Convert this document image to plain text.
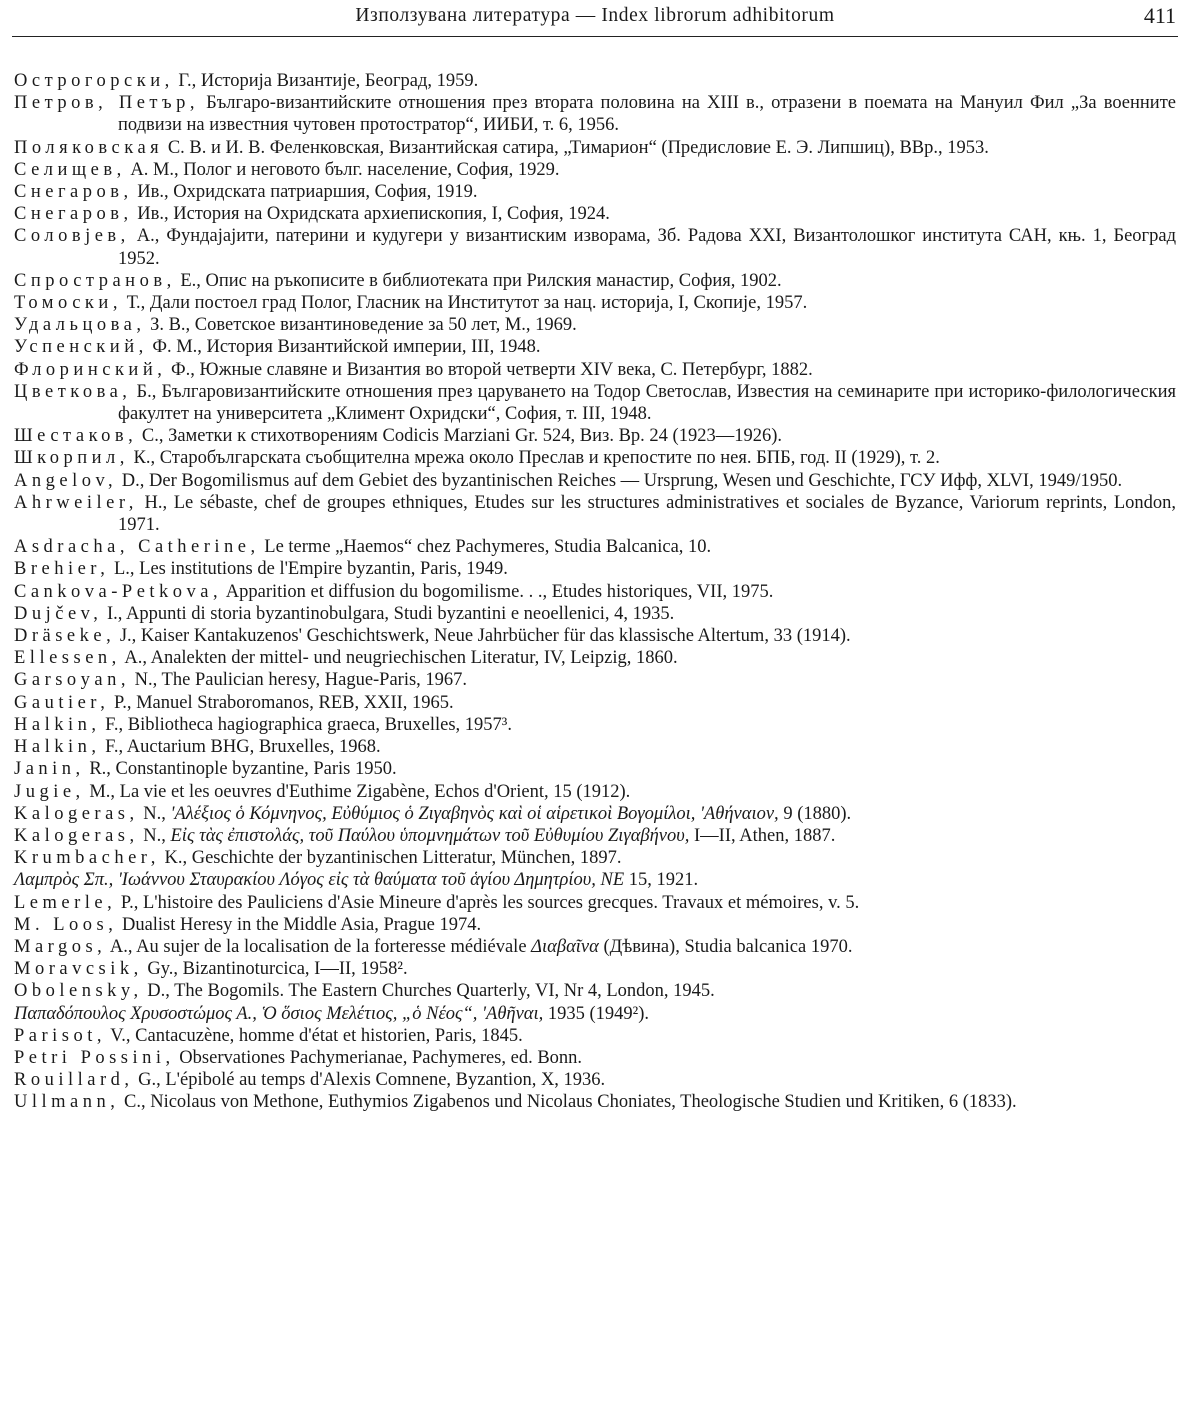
Използувана литература — Index librorum adhibitorum	411
Острогорски, Г., Историја Византије, Београд, 1959.
Петров, Петър, Българо-византийските отношения през втората половина на XIII в., отразени в поемата на Мануил Фил „За военните подвизи на известния чутовен протостратор“, ИИБИ, т. 6, 1956.
Поляковская С. В. и И. В. Феленковская, Византийская сатира, „Тимарион“ (Предисловие Е. Э. Липшиц), ВВр., 1953.
Селищев, А. М., Полог и неговото бълг. население, София, 1929.
Снегаров, Ив., Охридската патриаршия, София, 1919.
Снегаров, Ив., История на Охридската архиепископия, I, София, 1924.
Соловјев, А., Фундајајити, патерини и кудугери у византиским изворама, Зб. Радова XXI, Византолошког института САН, књ. 1, Београд 1952.
Спространов, Е., Опис на ръкописите в библиотеката при Рилския манастир, София, 1902.
Томоски, Т., Дали постоел град Полог, Гласник на Институтот за нац. историја, I, Скопије, 1957.
Удальцова, З. В., Советское византиноведение за 50 лет, М., 1969.
Успенский, Ф. М., История Византийской империи, III, 1948.
Флоринский, Ф., Южные славяне и Византия во второй четверти XIV века, С. Петербург, 1882.
Цветкова, Б., Българовизантийските отношения през царуването на Тодор Светослав, Известия на семинарите при историко-филологическия факултет на университета „Климент Охридски“, София, т. III, 1948.
Шестаков, С., Заметки к стихотворениям Codicis Marziani Gr. 524, Виз. Вр. 24 (1923—1926).
Шкорпил, К., Старобългарската съобщителна мрежа около Преслав и крепостите по нея. БПБ, год. II (1929), т. 2.
Angelov, D., Der Bogomilismus auf dem Gebiet des byzantinischen Reiches — Ursprung, Wesen und Geschichte, ГСУ Ифф, XLVI, 1949/1950.
Ahrweiler, H., Le sébaste, chef de groupes ethniques, Etudes sur les structures administratives et sociales de Byzance, Variorum reprints, London, 1971.
Asdracha, Catherine, Le terme „Haemos“ chez Pachymeres, Studia Balcanica, 10.
Brehier, L., Les institutions de l'Empire byzantin, Paris, 1949.
Cankova-Petkova, Apparition et diffusion du bogomilisme. . ., Etudes historiques, VII, 1975.
Dujčev, I., Appunti di storia byzantinobulgara, Studi byzantini e neoellenici, 4, 1935.
Dräseke, J., Kaiser Kantakuzenos' Geschichtswerk, Neue Jahrbücher für das klassische Altertum, 33 (1914).
Ellessen, A., Analekten der mittel- und neugriechischen Literatur, IV, Leipzig, 1860.
Garsoyan, N., The Paulician heresy, Hague-Paris, 1967.
Gautier, P., Manuel Straboromanos, REB, XXII, 1965.
Halkin, F., Bibliotheca hagiographica graeca, Bruxelles, 1957³.
Halkin, F., Auctarium BHG, Bruxelles, 1968.
Janin, R., Constantinople byzantine, Paris 1950.
Jugie, M., La vie et les oeuvres d'Euthime Zigabène, Echos d'Orient, 15 (1912).
Kalogeras, N., 'Αλέξιος ὁ Κόμνηνος, Εὐθύμιος ὁ Ζιγαβηνὸς καὶ οἱ αἱρετικοὶ Βογομίλοι, 'Αθήναιον, 9 (1880).
Kalogeras, N., Εἰς τὰς ἐπιστολάς, τοῦ Παύλου ὑπομνημάτων τοῦ Εὐθυμίου Ζιγαβήνου, I—II, Athen, 1887.
Krumbacher, K., Geschichte der byzantinischen Litteratur, München, 1897.
Λαμπρὸς Σπ., 'Ιωάννου Σταυρακίου Λόγος εἰς τὰ θαύματα τοῦ ἁγίου Δημητρίου, ΝΕ 15, 1921.
Lemerle, P., L'histoire des Pauliciens d'Asie Mineure d'après les sources grecques. Travaux et mémoires, v. 5.
M. Loos, Dualist Heresy in the Middle Asia, Prague 1974.
Margos, A., Au sujer de la localisation de la forteresse médiévale Διαβαῖνα (Дѣвина), Studia balcanica 1970.
Moravcsik, Gy., Bizantinoturcica, I—II, 1958².
Obolensky, D., The Bogomils. The Eastern Churches Quarterly, VI, Nr 4, London, 1945.
Παπαδόπουλος Χρυσοστώμος Α., Ὁ ὅσιος Μελέτιος, „ὁ Νέος“, 'Αθῆναι, 1935 (1949²).
Parisot, V., Cantacuzène, homme d'état et historien, Paris, 1845.
Petri Possini, Observationes Pachymerianae, Pachymeres, ed. Bonn.
Rouillard, G., L'épibolé au temps d'Alexis Comnene, Byzantion, X, 1936.
Ullmann, C., Nicolaus von Methone, Euthymios Zigabenos und Nicolaus Choniates, Theologische Studien und Kritiken, 6 (1833).
